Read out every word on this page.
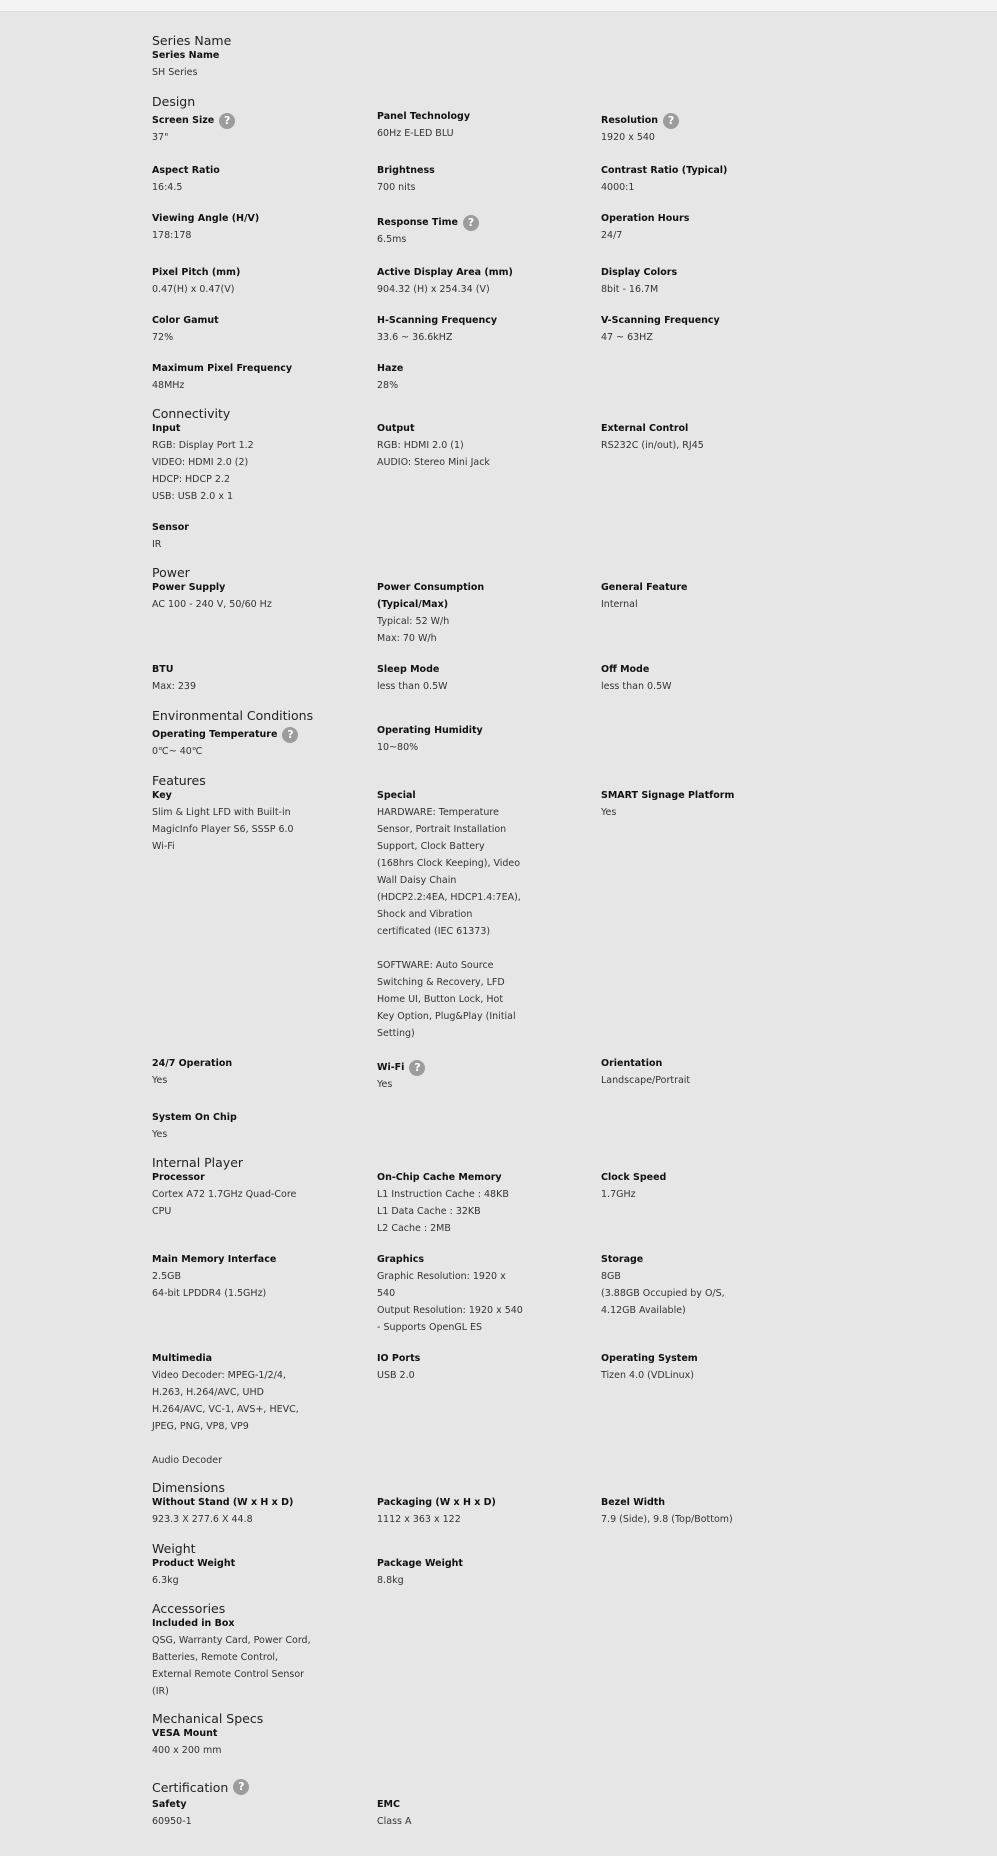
Series Name
Series Name
SH Series
Design
Screen Size ?
37"
Panel Technology
60Hz E-LED BLU
Resolution ?
1920 x 540
Aspect Ratio
16:4.5
Brightness
700 nits
Contrast Ratio (Typical)
4000:1
Viewing Angle (H/V)
178:178
Response Time ?
6.5ms
Operation Hours
24/7
Pixel Pitch (mm)
0.47(H) x 0.47(V)
Active Display Area (mm)
904.32 (H) x 254.34 (V)
Display Colors
8bit - 16.7M
Color Gamut
72%
H-Scanning Frequency
33.6 ~ 36.6kHZ
V-Scanning Frequency
47 ~ 63HZ
Maximum Pixel Frequency
48MHz
Haze
28%
Connectivity
Input
RGB: Display Port 1.2
VIDEO: HDMI 2.0 (2)
HDCP: HDCP 2.2
USB: USB 2.0 x 1
Output
RGB: HDMI 2.0 (1)
AUDIO: Stereo Mini Jack
External Control
RS232C (in/out), RJ45
Sensor
IR
Power
Power Supply
AC 100 - 240 V, 50/60 Hz
Power Consumption
(Typical/Max)
Typical: 52 W/h
Max: 70 W/h
General Feature
Internal
BTU
Max: 239
Sleep Mode
less than 0.5W
Off Mode
less than 0.5W
Environmental Conditions
Operating Temperature ?
0℃~ 40℃
Operating Humidity
10~80%
Features
Key
Slim & Light LFD with Built-in
MagicInfo Player S6, SSSP 6.0
Wi-Fi
Special
HARDWARE: Temperature
Sensor, Portrait Installation
Support, Clock Battery
(168hrs Clock Keeping), Video
Wall Daisy Chain
(HDCP2.2:4EA, HDCP1.4:7EA),
Shock and Vibration
certificated (IEC 61373)

SOFTWARE: Auto Source
Switching & Recovery, LFD
Home UI, Button Lock, Hot
Key Option, Plug&Play (Initial
Setting)
SMART Signage Platform
Yes
24/7 Operation
Yes
Wi-Fi ?
Yes
Orientation
Landscape/Portrait
System On Chip
Yes
Internal Player
Processor
Cortex A72 1.7GHz Quad-Core
CPU
On-Chip Cache Memory
L1 Instruction Cache : 48KB
L1 Data Cache : 32KB
L2 Cache : 2MB
Clock Speed
1.7GHz
Main Memory Interface
2.5GB
64-bit LPDDR4 (1.5GHz)
Graphics
Graphic Resolution: 1920 x
540
Output Resolution: 1920 x 540
- Supports OpenGL ES
Storage
8GB
(3.88GB Occupied by O/S,
4.12GB Available)
Multimedia
Video Decoder: MPEG-1/2/4,
H.263, H.264/AVC, UHD
H.264/AVC, VC-1, AVS+, HEVC,
JPEG, PNG, VP8, VP9

Audio Decoder
IO Ports
USB 2.0
Operating System
Tizen 4.0 (VDLinux)
Dimensions
Without Stand (W x H x D)
923.3 X 277.6 X 44.8
Packaging (W x H x D)
1112 x 363 x 122
Bezel Width
7.9 (Side), 9.8 (Top/Bottom)
Weight
Product Weight
6.3kg
Package Weight
8.8kg
Accessories
Included in Box
QSG, Warranty Card, Power Cord,
Batteries, Remote Control,
External Remote Control Sensor
(IR)
Mechanical Specs
VESA Mount
400 x 200 mm
Certification ?
Safety
60950-1
EMC
Class A
